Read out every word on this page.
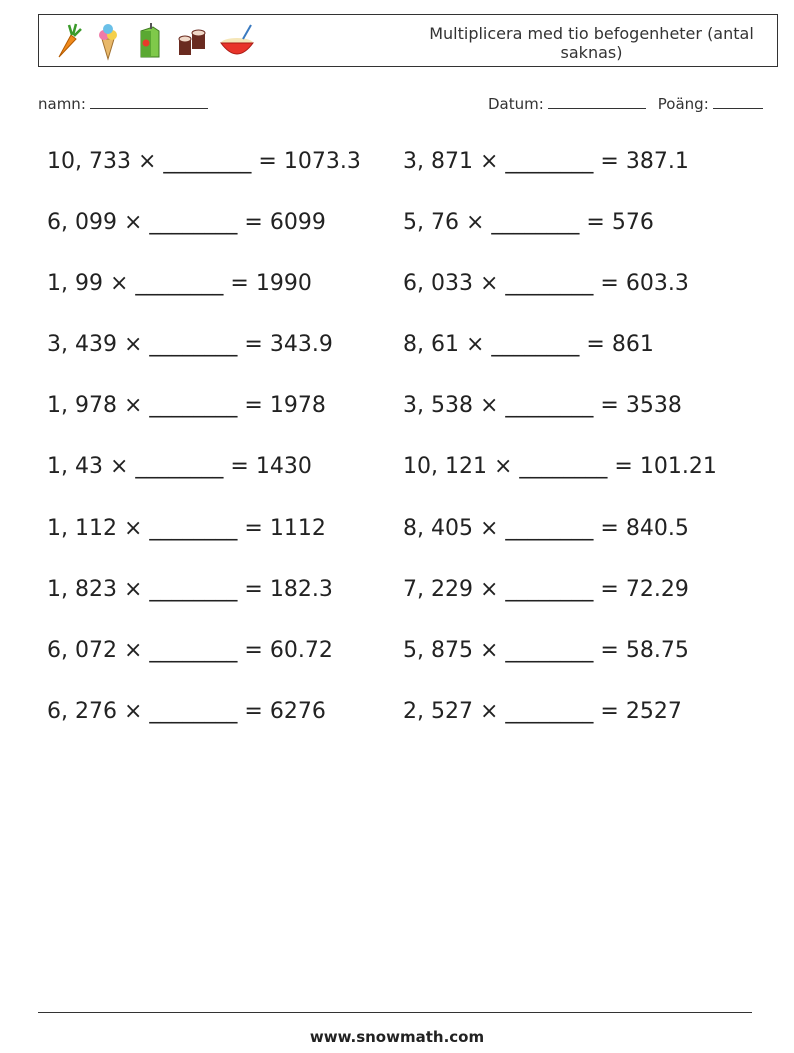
Multiplicera med tio befogenheter (antal saknas)
namn:	Datum:	Poäng:
10, 733 × ________ = 1073.3	3, 871 × ________ = 387.1
6, 099 × ________ = 6099	5, 76 × ________ = 576
1, 99 × ________ = 1990	6, 033 × ________ = 603.3
3, 439 × ________ = 343.9	8, 61 × ________ = 861
1, 978 × ________ = 1978	3, 538 × ________ = 3538
1, 43 × ________ = 1430	10, 121 × ________ = 101.21
1, 112 × ________ = 1112	8, 405 × ________ = 840.5
1, 823 × ________ = 182.3	7, 229 × ________ = 72.29
6, 072 × ________ = 60.72	5, 875 × ________ = 58.75
6, 276 × ________ = 6276	2, 527 × ________ = 2527
www.snowmath.com
